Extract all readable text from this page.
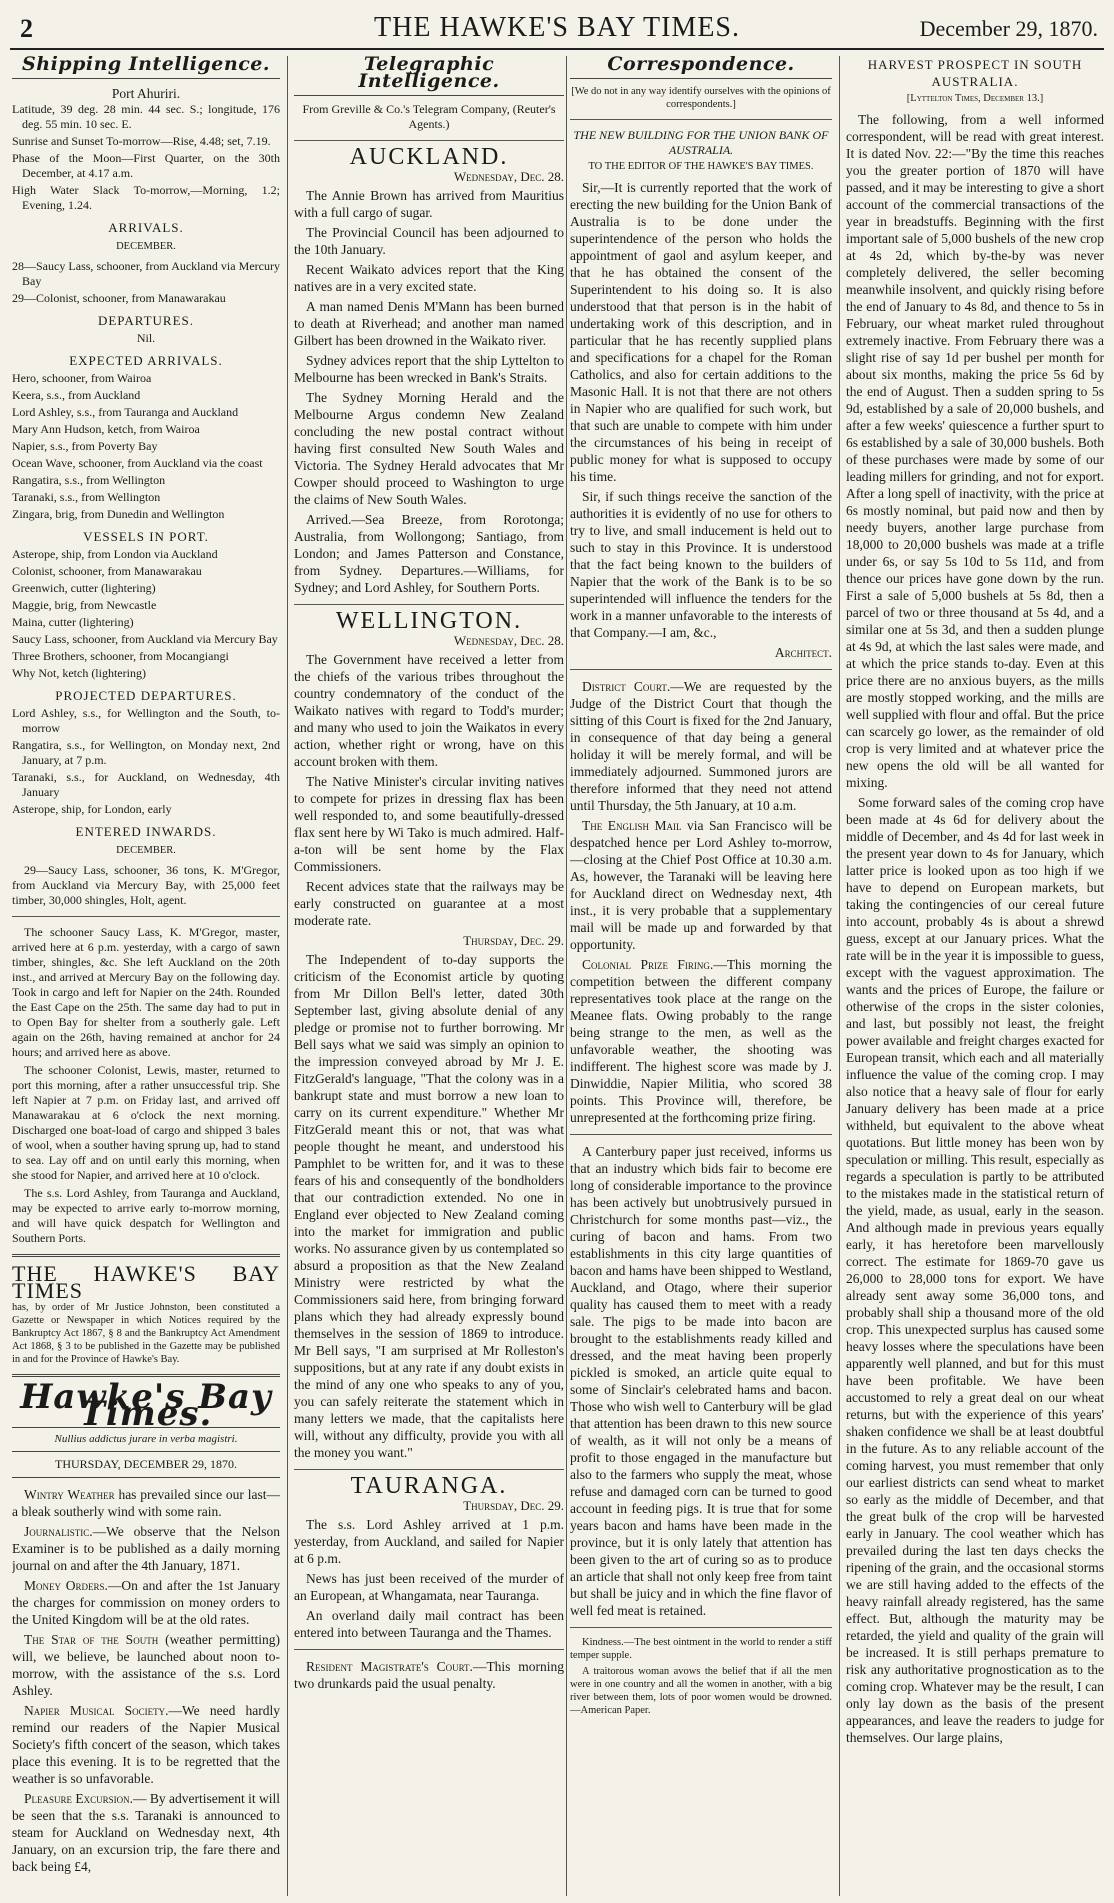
2	THE HAWKE'S BAY TIMES.	December 29, 1870.
Shipping Intelligence.
Port Ahuriri.

Latitude, 39 deg. 28 min. 44 sec. S.; longitude, 176 deg. 55 min. 10 sec. E.

Sunrise and Sunset To-morrow—Rise, 4.48; set, 7.19.

Phase of the Moon—First Quarter, on the 30th December, at 4.17 a.m.

High Water Slack To-morrow,—Morning, 1.2; Evening, 1.24.

ARRIVALS.
DECEMBER.

28—Saucy Lass, schooner, from Auckland via Mercury Bay

29—Colonist, schooner, from Manawarakau

DEPARTURES.
Nil.
EXPECTED ARRIVALS.

Hero, schooner, from Wairoa

Keera, s.s., from Auckland

Lord Ashley, s.s., from Tauranga and Auckland

Mary Ann Hudson, ketch, from Wairoa

Napier, s.s., from Poverty Bay

Ocean Wave, schooner, from Auckland via the coast

Rangatira, s.s., from Wellington

Taranaki, s.s., from Wellington

Zingara, brig, from Dunedin and Wellington

VESSELS IN PORT.

Asterope, ship, from London via Auckland

Colonist, schooner, from Manawarakau

Greenwich, cutter (lightering)

Maggie, brig, from Newcastle

Maina, cutter (lightering)

Saucy Lass, schooner, from Auckland via Mercury Bay

Three Brothers, schooner, from Mocangiangi

Why Not, ketch (lightering)

PROJECTED DEPARTURES.

Lord Ashley, s.s., for Wellington and the South, to-morrow

Rangatira, s.s., for Wellington, on Monday next, 2nd January, at 7 p.m.

Taranaki, s.s., for Auckland, on Wednesday, 4th January

Asterope, ship, for London, early

ENTERED INWARDS.
DECEMBER.

29—Saucy Lass, schooner, 36 tons, K. M'Gregor, from Auckland via Mercury Bay, with 25,000 feet timber, 30,000 shingles, Holt, agent.

The schooner Saucy Lass, K. M'Gregor, master, arrived here at 6 p.m. yesterday, with a cargo of sawn timber, shingles, &c. She left Auckland on the 20th inst., and arrived at Mercury Bay on the following day. Took in cargo and left for Napier on the 24th. Rounded the East Cape on the 25th. The same day had to put in to Open Bay for shelter from a southerly gale. Left again on the 26th, having remained at anchor for 24 hours; and arrived here as above.

The schooner Colonist, Lewis, master, returned to port this morning, after a rather unsuccessful trip. She left Napier at 7 p.m. on Friday last, and arrived off Manawarakau at 6 o'clock the next morning. Discharged one boat-load of cargo and shipped 3 bales of wool, when a souther having sprung up, had to stand to sea. Lay off and on until early this morning, when she stood for Napier, and arrived here at 10 o'clock.

The s.s. Lord Ashley, from Tauranga and Auckland, may be expected to arrive early to-morrow morning, and will have quick despatch for Wellington and Southern Ports.

THE HAWKE'S BAY TIMES

has, by order of Mr Justice Johnston, been constituted a Gazette or Newspaper in which Notices required by the Bankruptcy Act 1867, § 8 and the Bankruptcy Act Amendment Act 1868, § 3 to be published in the Gazette may be published in and for the Province of Hawke's Bay.

Hawke's Bay Times.
Nullius addictus jurare in verba magistri.
THURSDAY, DECEMBER 29, 1870.

Wintry Weather has prevailed since our last—a bleak southerly wind with some rain.

Journalistic.—We observe that the Nelson Examiner is to be published as a daily morning journal on and after the 4th January, 1871.

Money Orders.—On and after the 1st January the charges for commission on money orders to the United Kingdom will be at the old rates.

The Star of the South (weather permitting) will, we believe, be launched about noon to-morrow, with the assistance of the s.s. Lord Ashley.

Napier Musical Society.—We need hardly remind our readers of the Napier Musical Society's fifth concert of the season, which takes place this evening. It is to be regretted that the weather is so unfavorable.

Pleasure Excursion.— By advertisement it will be seen that the s.s. Taranaki is announced to steam for Auckland on Wednesday next, 4th January, on an excursion trip, the fare there and back being £4,

Telegraphic Intelligence.
From Greville & Co.'s Telegram Company, (Reuter's Agents.)
AUCKLAND.
Wednesday, Dec. 28.

The Annie Brown has arrived from Mauritius with a full cargo of sugar.

The Provincial Council has been adjourned to the 10th January.

Recent Waikato advices report that the King natives are in a very excited state.

A man named Denis M'Mann has been burned to death at Riverhead; and another man named Gilbert has been drowned in the Waikato river.

Sydney advices report that the ship Lyttelton to Melbourne has been wrecked in Bank's Straits.

The Sydney Morning Herald and the Melbourne Argus condemn New Zealand concluding the new postal contract without having first consulted New South Wales and Victoria. The Sydney Herald advocates that Mr Cowper should proceed to Washington to urge the claims of New South Wales.

Arrived.—Sea Breeze, from Rorotonga; Australia, from Wollongong; Santiago, from London; and James Patterson and Constance, from Sydney. Departures.—Williams, for Sydney; and Lord Ashley, for Southern Ports.

WELLINGTON.
Wednesday, Dec. 28.

The Government have received a letter from the chiefs of the various tribes throughout the country condemnatory of the conduct of the Waikato natives with regard to Todd's murder; and many who used to join the Waikatos in every action, whether right or wrong, have on this account broken with them.

The Native Minister's circular inviting natives to compete for prizes in dressing flax has been well responded to, and some beautifully-dressed flax sent here by Wi Tako is much admired. Half-a-ton will be sent home by the Flax Commissioners.

Recent advices state that the railways may be early constructed on guarantee at a most moderate rate.

Thursday, Dec. 29.

The Independent of to-day supports the criticism of the Economist article by quoting from Mr Dillon Bell's letter, dated 30th September last, giving absolute denial of any pledge or promise not to further borrowing. Mr Bell says what we said was simply an opinion to the impression conveyed abroad by Mr J. E. FitzGerald's language, "That the colony was in a bankrupt state and must borrow a new loan to carry on its current expenditure." Whether Mr FitzGerald meant this or not, that was what people thought he meant, and understood his Pamphlet to be written for, and it was to these fears of his and consequently of the bondholders that our contradiction extended. No one in England ever objected to New Zealand coming into the market for immigration and public works. No assurance given by us contemplated so absurd a proposition as that the New Zealand Ministry were restricted by what the Commissioners said here, from bringing forward plans which they had already expressly bound themselves in the session of 1869 to introduce. Mr Bell says, "I am surprised at Mr Rolleston's suppositions, but at any rate if any doubt exists in the mind of any one who speaks to any of you, you can safely reiterate the statement which in many letters we made, that the capitalists here will, without any difficulty, provide you with all the money you want."

TAURANGA.
Thursday, Dec. 29.

The s.s. Lord Ashley arrived at 1 p.m. yesterday, from Auckland, and sailed for Napier at 6 p.m.

News has just been received of the murder of an European, at Whangamata, near Tauranga.

An overland daily mail contract has been entered into between Tauranga and the Thames.

Resident Magistrate's Court.—This morning two drunkards paid the usual penalty.

Correspondence.
[We do not in any way identify ourselves with the opinions of correspondents.]
THE NEW BUILDING FOR THE UNION BANK OF AUSTRALIA.
TO THE EDITOR OF THE HAWKE'S BAY TIMES.

Sir,—It is currently reported that the work of erecting the new building for the Union Bank of Australia is to be done under the superintendence of the person who holds the appointment of gaol and asylum keeper, and that he has obtained the consent of the Superintendent to his doing so. It is also understood that that person is in the habit of undertaking work of this description, and in particular that he has recently supplied plans and specifications for a chapel for the Roman Catholics, and also for certain additions to the Masonic Hall. It is not that there are not others in Napier who are qualified for such work, but that such are unable to compete with him under the circumstances of his being in receipt of public money for what is supposed to occupy his time.

Sir, if such things receive the sanction of the authorities it is evidently of no use for others to try to live, and small inducement is held out to such to stay in this Province. It is understood that the fact being known to the builders of Napier that the work of the Bank is to be so superintended will influence the tenders for the work in a manner unfavorable to the interests of that Company.—I am, &c.,

Architect.

District Court.—We are requested by the Judge of the District Court that though the sitting of this Court is fixed for the 2nd January, in consequence of that day being a general holiday it will be merely formal, and will be immediately adjourned. Summoned jurors are therefore informed that they need not attend until Thursday, the 5th January, at 10 a.m.

The English Mail via San Francisco will be despatched hence per Lord Ashley to-morrow,—closing at the Chief Post Office at 10.30 a.m. As, however, the Taranaki will be leaving here for Auckland direct on Wednesday next, 4th inst., it is very probable that a supplementary mail will be made up and forwarded by that opportunity.

Colonial Prize Firing.—This morning the competition between the different company representatives took place at the range on the Meanee flats. Owing probably to the range being strange to the men, as well as the unfavorable weather, the shooting was indifferent. The highest score was made by J. Dinwiddie, Napier Militia, who scored 38 points. This Province will, therefore, be unrepresented at the forthcoming prize firing.

A Canterbury paper just received, informs us that an industry which bids fair to become ere long of considerable importance to the province has been actively but unobtrusively pursued in Christchurch for some months past—viz., the curing of bacon and hams. From two establishments in this city large quantities of bacon and hams have been shipped to Westland, Auckland, and Otago, where their superior quality has caused them to meet with a ready sale. The pigs to be made into bacon are brought to the establishments ready killed and dressed, and the meat having been properly pickled is smoked, an article quite equal to some of Sinclair's celebrated hams and bacon. Those who wish well to Canterbury will be glad that attention has been drawn to this new source of wealth, as it will not only be a means of profit to those engaged in the manufacture but also to the farmers who supply the meat, whose refuse and damaged corn can be turned to good account in feeding pigs. It is true that for some years bacon and hams have been made in the province, but it is only lately that attention has been given to the art of curing so as to produce an article that shall not only keep free from taint but shall be juicy and in which the fine flavor of well fed meat is retained.

Kindness.—The best ointment in the world to render a stiff temper supple.

A traitorous woman avows the belief that if all the men were in one country and all the women in another, with a big river between them, lots of poor women would be drowned. —American Paper.

HARVEST PROSPECT IN SOUTH AUSTRALIA.
[Lyttelton Times, December 13.]

The following, from a well informed correspondent, will be read with great interest. It is dated Nov. 22:—"By the time this reaches you the greater portion of 1870 will have passed, and it may be interesting to give a short account of the commercial transactions of the year in breadstuffs. Beginning with the first important sale of 5,000 bushels of the new crop at 4s 2d, which by-the-by was never completely delivered, the seller becoming meanwhile insolvent, and quickly rising before the end of January to 4s 8d, and thence to 5s in February, our wheat market ruled throughout extremely inactive. From February there was a slight rise of say 1d per bushel per month for about six months, making the price 5s 6d by the end of August. Then a sudden spring to 5s 9d, established by a sale of 20,000 bushels, and after a few weeks' quiescence a further spurt to 6s established by a sale of 30,000 bushels. Both of these purchases were made by some of our leading millers for grinding, and not for export. After a long spell of inactivity, with the price at 6s mostly nominal, but paid now and then by needy buyers, another large purchase from 18,000 to 20,000 bushels was made at a trifle under 6s, or say 5s 10d to 5s 11d, and from thence our prices have gone down by the run. First a sale of 5,000 bushels at 5s 8d, then a parcel of two or three thousand at 5s 4d, and a similar one at 5s 3d, and then a sudden plunge at 4s 9d, at which the last sales were made, and at which the price stands to-day. Even at this price there are no anxious buyers, as the mills are mostly stopped working, and the mills are well supplied with flour and offal. But the price can scarcely go lower, as the remainder of old crop is very limited and at whatever price the new opens the old will be all wanted for mixing.

Some forward sales of the coming crop have been made at 4s 6d for delivery about the middle of December, and 4s 4d for last week in the present year down to 4s for January, which latter price is looked upon as too high if we have to depend on European markets, but taking the contingencies of our cereal future into account, probably 4s is about a shrewd guess, except at our January prices. What the rate will be in the year it is impossible to guess, except with the vaguest approximation. The wants and the prices of Europe, the failure or otherwise of the crops in the sister colonies, and last, but possibly not least, the freight power available and freight charges exacted for European transit, which each and all materially influence the value of the coming crop. I may also notice that a heavy sale of flour for early January delivery has been made at a price withheld, but equivalent to the above wheat quotations. But little money has been won by speculation or milling. This result, especially as regards a speculation is partly to be attributed to the mistakes made in the statistical return of the yield, made, as usual, early in the season. And although made in previous years equally early, it has heretofore been marvellously correct. The estimate for 1869-70 gave us 26,000 to 28,000 tons for export. We have already sent away some 36,000 tons, and probably shall ship a thousand more of the old crop. This unexpected surplus has caused some heavy losses where the speculations have been apparently well planned, and but for this must have been profitable. We have been accustomed to rely a great deal on our wheat returns, but with the experience of this years' shaken confidence we shall be at least doubtful in the future. As to any reliable account of the coming harvest, you must remember that only our earliest districts can send wheat to market so early as the middle of December, and that the great bulk of the crop will be harvested early in January. The cool weather which has prevailed during the last ten days checks the ripening of the grain, and the occasional storms we are still having added to the effects of the heavy rainfall already registered, has the same effect. But, although the maturity may be retarded, the yield and quality of the grain will be increased. It is still perhaps premature to risk any authoritative prognostication as to the coming crop. Whatever may be the result, I can only lay down as the basis of the present appearances, and leave the readers to judge for themselves. Our large plains,
